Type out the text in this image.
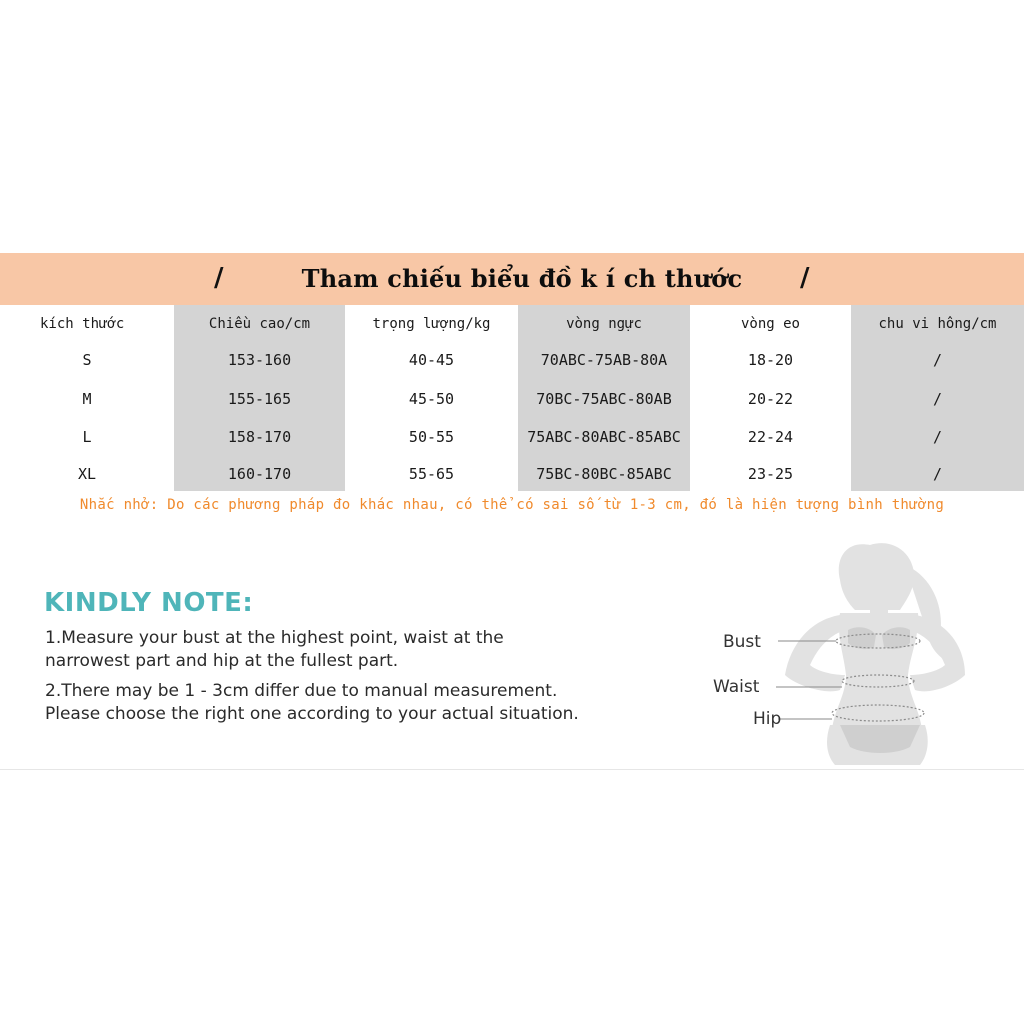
/	Tham chiếu biểu đồ k í ch thước	/
kích thước
S
M
L
XL
Chiều cao/cm
153-160
155-165
158-170
160-170
trọng lượng/kg
40-45
45-50
50-55
55-65
vòng ngực
70ABC-75AB-80A
70BC-75ABC-80AB
75ABC-80ABC-85ABC
75BC-80BC-85ABC
vòng eo
18-20
20-22
22-24
23-25
chu vi hông/cm
/
/
/
/
Nhắc nhở: Do các phương pháp đo khác nhau, có thể có sai số từ 1-3 cm, đó là hiện tượng bình thường
KINDLY NOTE:
1.Measure your bust at the highest point, waist at the
narrowest part and hip at the fullest part.
2.There may be 1 - 3cm differ due to manual measurement.
Please choose the right one according to your actual situation.
Bust
Waist
Hip
